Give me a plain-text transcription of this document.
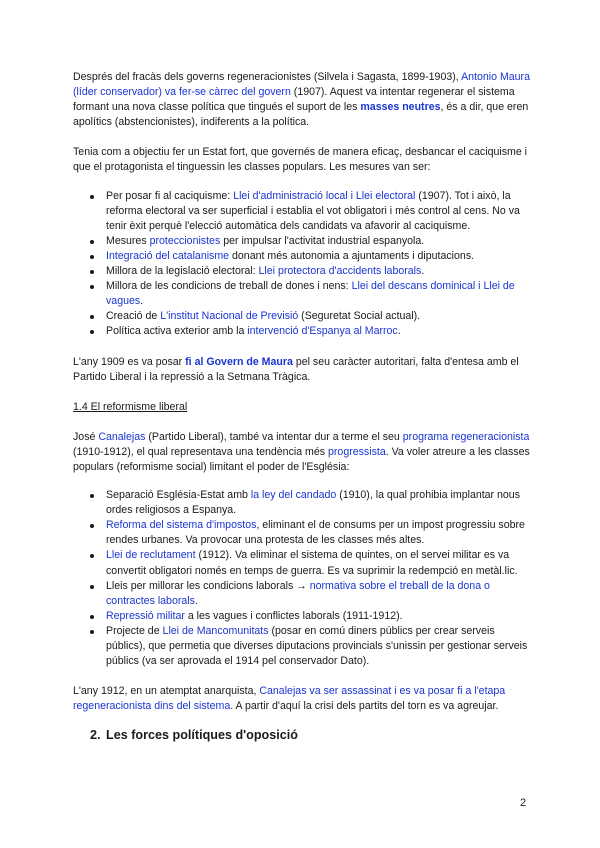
Després del fracàs dels governs regeneracionistes (Silvela i Sagasta, 1899-1903), Antonio Maura (líder conservador) va fer-se càrrec del govern (1907). Aquest va intentar regenerar el sistema formant una nova classe política que tingués el suport de les masses neutres, és a dir, que eren apolítics (abstencionistes), indiferents a la política.

Tenia com a objectiu fer un Estat fort, que governés de manera eficaç, desbancar el caciquisme i que el protagonista el tinguessin les classes populars. Les mesures van ser:

Per posar fi al caciquisme: Llei d'administració local i Llei electoral (1907). Tot i això, la reforma electoral va ser superficial i establia el vot obligatori i més control al cens. No va tenir èxit perquè l'elecció automàtica dels candidats va afavorir al caciquisme.
Mesures proteccionistes per impulsar l'activitat industrial espanyola.
Integració del catalanisme donant més autonomia a ajuntaments i diputacions.
Millora de la legislació electoral: Llei protectora d'accidents laborals.
Millora de les condicions de treball de dones i nens: Llei del descans dominical i Llei de vagues.
Creació de L'institut Nacional de Previsió (Seguretat Social actual).
Política activa exterior amb la intervenció d'Espanya al Marroc.

L'any 1909 es va posar fi al Govern de Maura pel seu caràcter autoritari, falta d'entesa amb el Partido Liberal i la repressió a la Setmana Tràgica.

1.4 El reformisme liberal

José Canalejas (Partido Liberal), també va intentar dur a terme el seu programa regeneracionista (1910-1912), el qual representava una tendència més progressista. Va voler atreure a les classes populars (reformisme social) limitant el poder de l'Església:

Separació Església-Estat amb la ley del candado (1910), la qual prohibia implantar nous ordes religiosos a Espanya.
Reforma del sistema d'impostos, eliminant el de consums per un impost progressiu sobre rendes urbanes. Va provocar una protesta de les classes més altes.
Llei de reclutament (1912). Va eliminar el sistema de quintes, on el servei militar es va convertit obligatori només en temps de guerra. Es va suprimir la redempció en metàl.lic.
Lleis per millorar les condicions laborals → normativa sobre el treball de la dona o contractes laborals.
Repressió militar a les vagues i conflictes laborals (1911-1912).
Projecte de Llei de Mancomunitats (posar en comú diners públics per crear serveis públics), que permetia que diverses diputacions provincials s'unissin per gestionar serveis públics (va ser aprovada el 1914 pel conservador Dato).

L'any 1912, en un atemptat anarquista, Canalejas va ser assassinat i es va posar fi a l'etapa regeneracionista dins del sistema. A partir d'aquí la crisi dels partits del torn es va agreujar.

2. Les forces polítiques d'oposició

2
